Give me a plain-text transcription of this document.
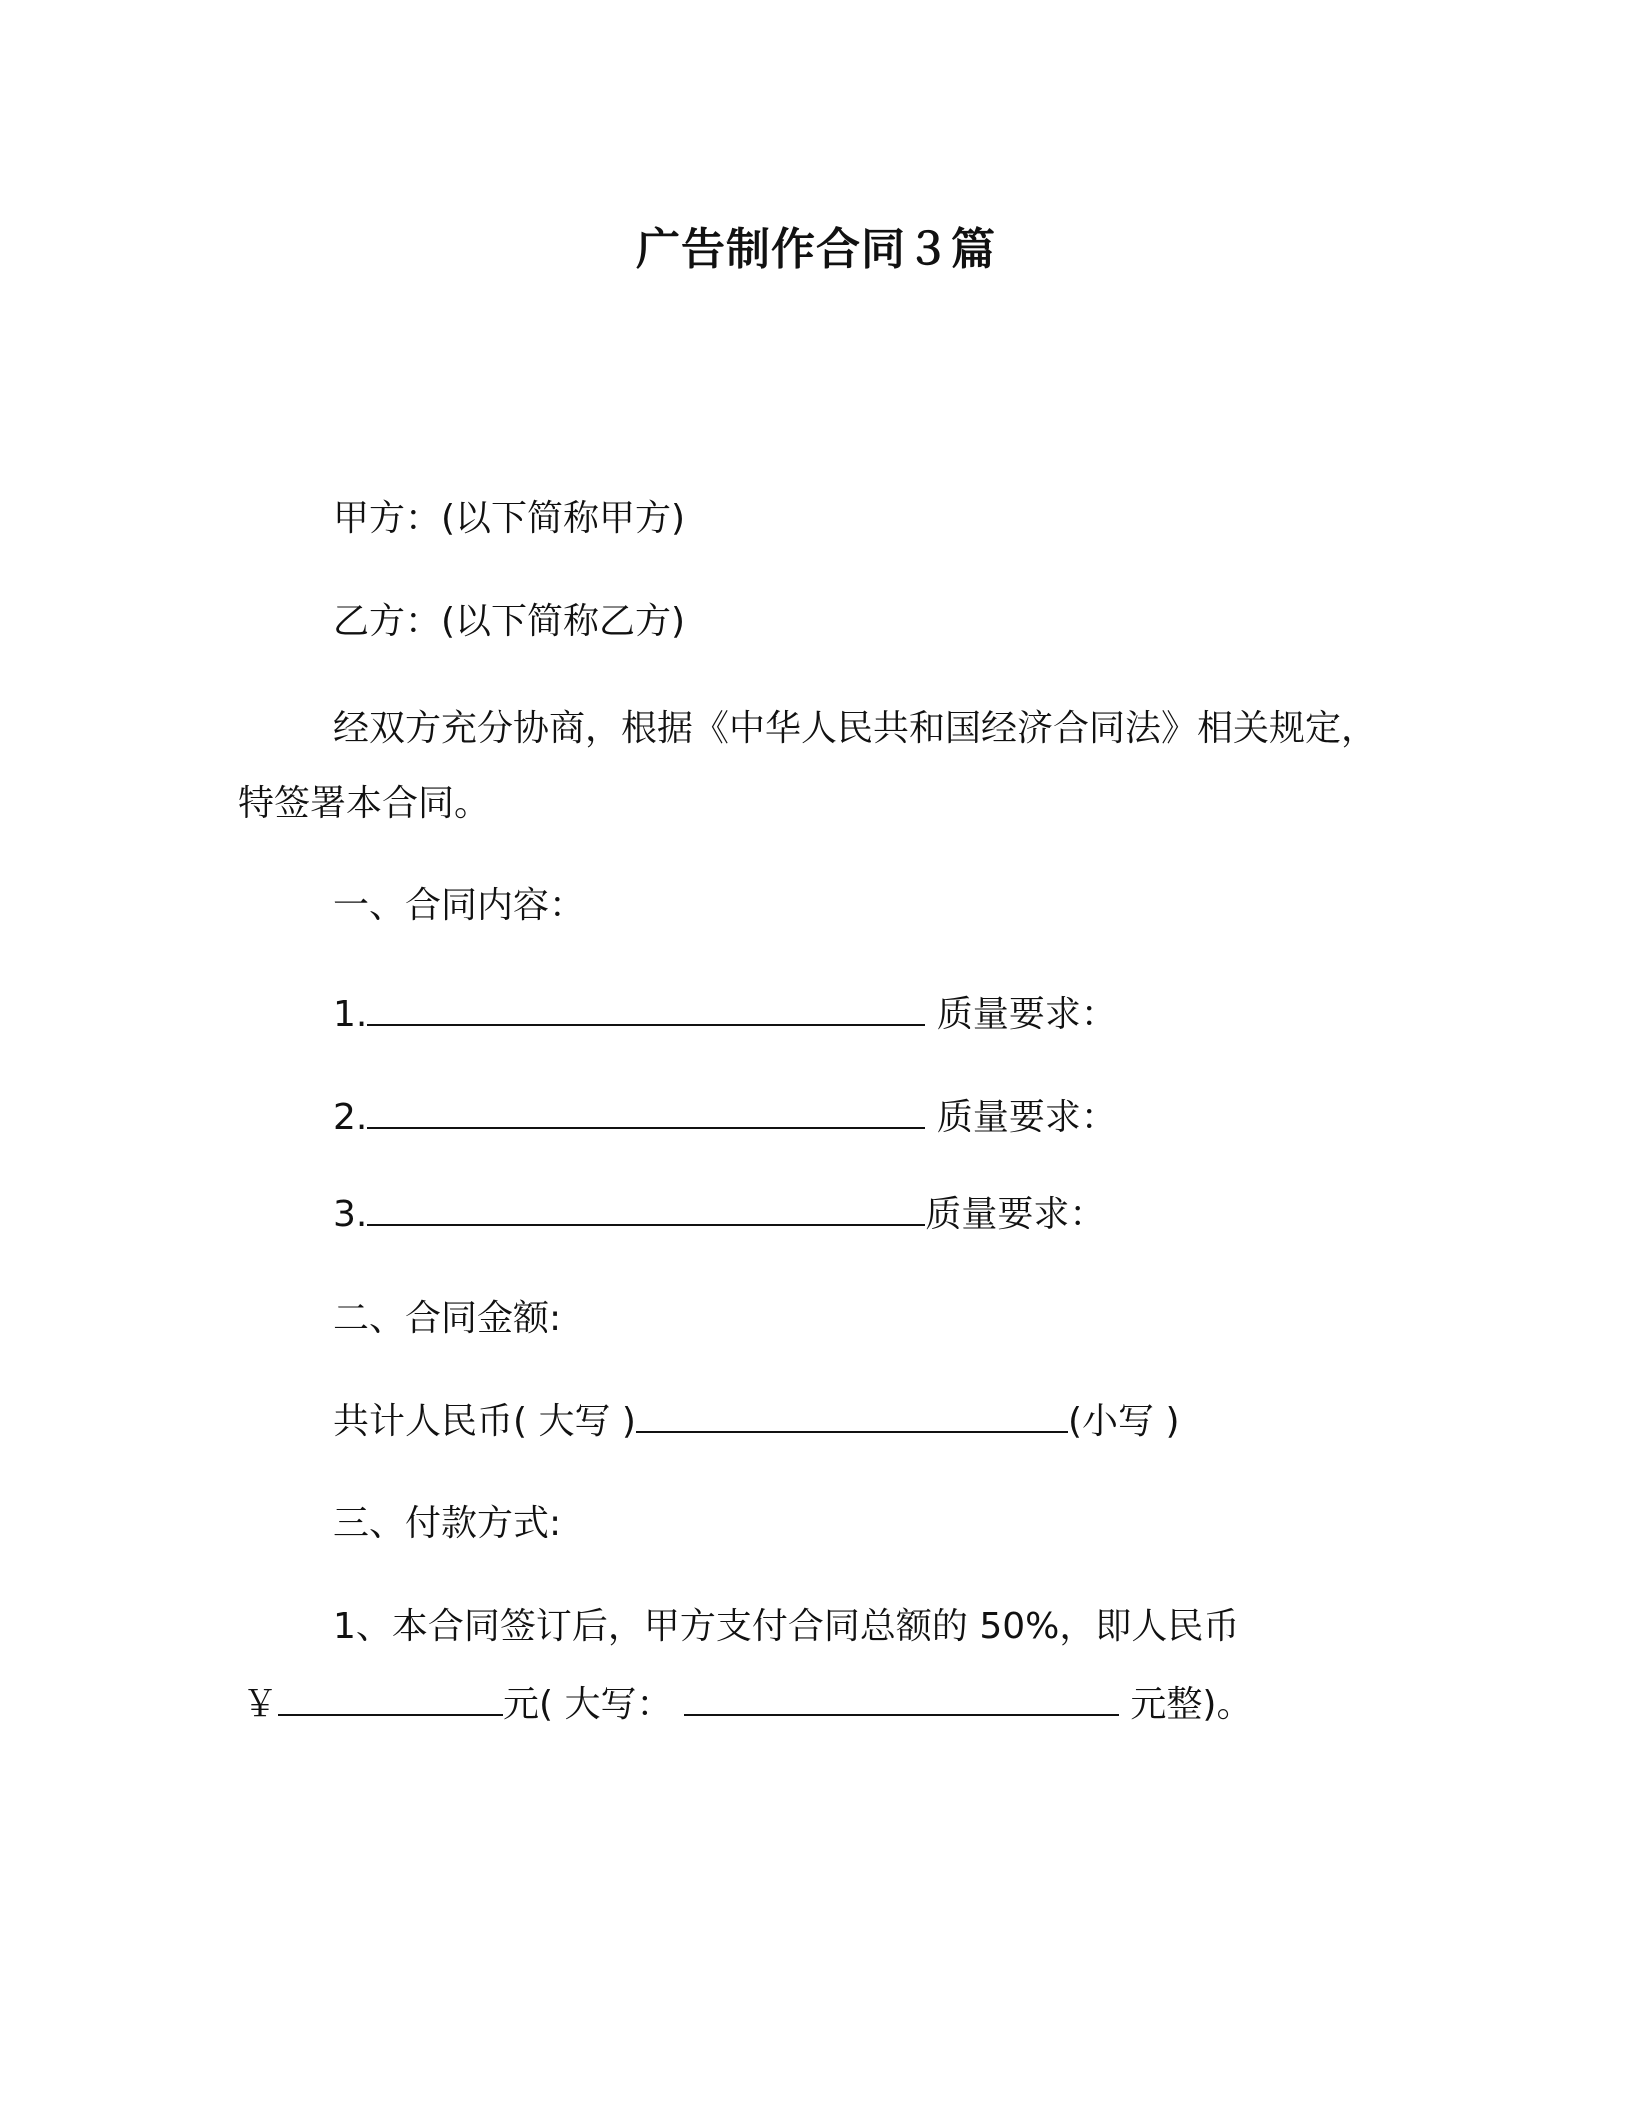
广告制作合同３篇
甲方：(以下简称甲方)
乙方：(以下简称乙方)
经双方充分协商，根据《中华人民共和国经济合同法》相关规定，
特签署本合同。
一、合同内容：
1.	质量要求：
2.	质量要求：
3.	质量要求：
二、合同金额:
共计人民币( 大写 )	(小写 )
三、付款方式:
1、本合同签订后，甲方支付合同总额的 50%，即人民币
￥	元( 大写：	元整)。
